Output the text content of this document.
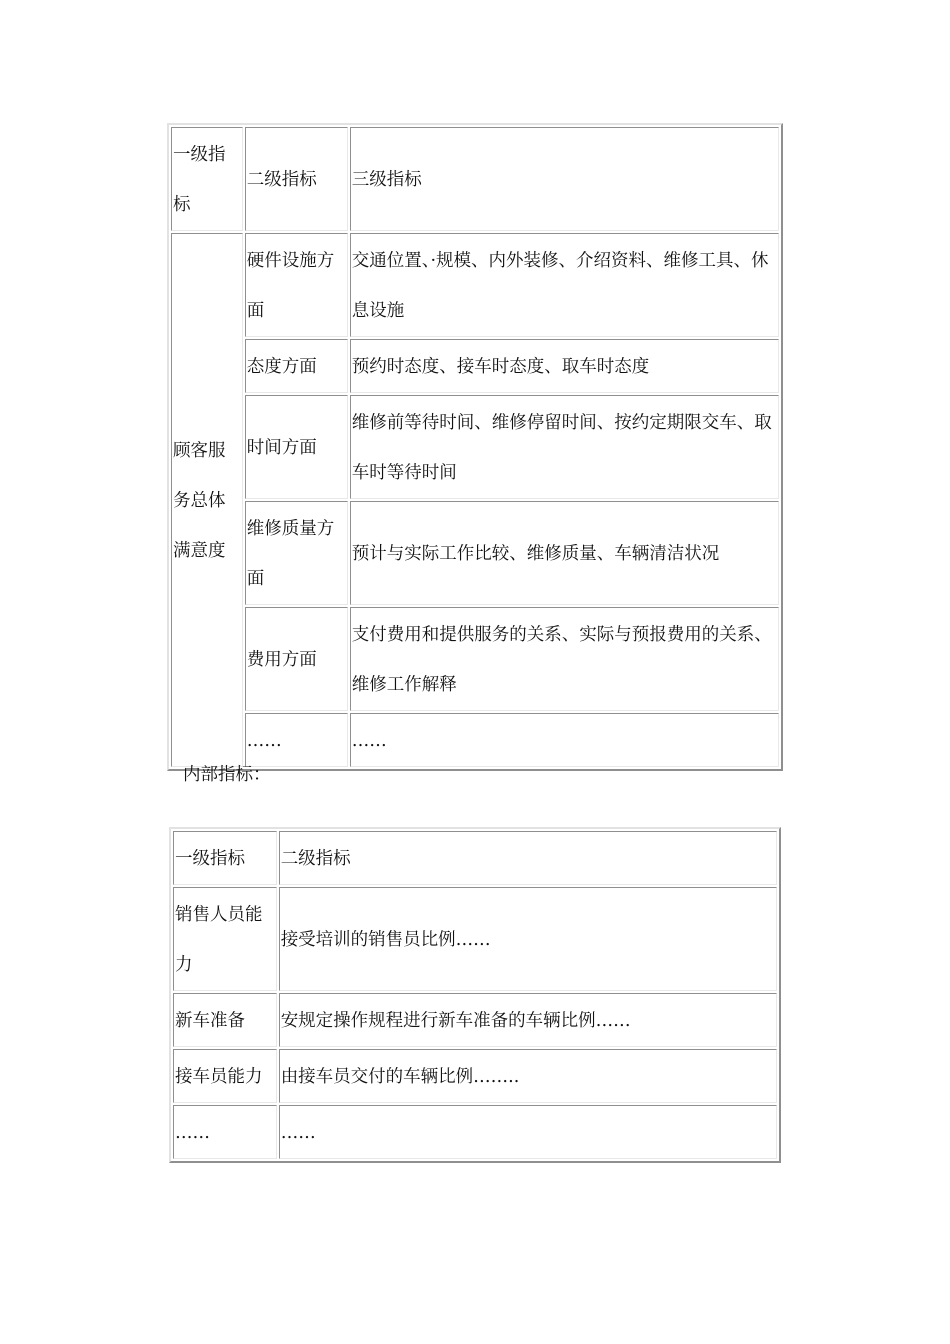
一级指标	二级指标	三级指标
顾客服务总体满意度	硬件设施方面	交通位置、·规模、内外装修、介绍资料、维修工具、休息设施
	态度方面	预约时态度、接车时态度、取车时态度
	时间方面	维修前等待时间、维修停留时间、按约定期限交车、取车时等待时间
	维修质量方面	预计与实际工作比较、维修质量、车辆清洁状况
	费用方面	支付费用和提供服务的关系、实际与预报费用的关系、维修工作解释
	……	……
内部指标：
一级指标	二级指标
销售人员能力	接受培训的销售员比例……
新车准备	安规定操作规程进行新车准备的车辆比例……
接车员能力	由接车员交付的车辆比例……..
……	……
